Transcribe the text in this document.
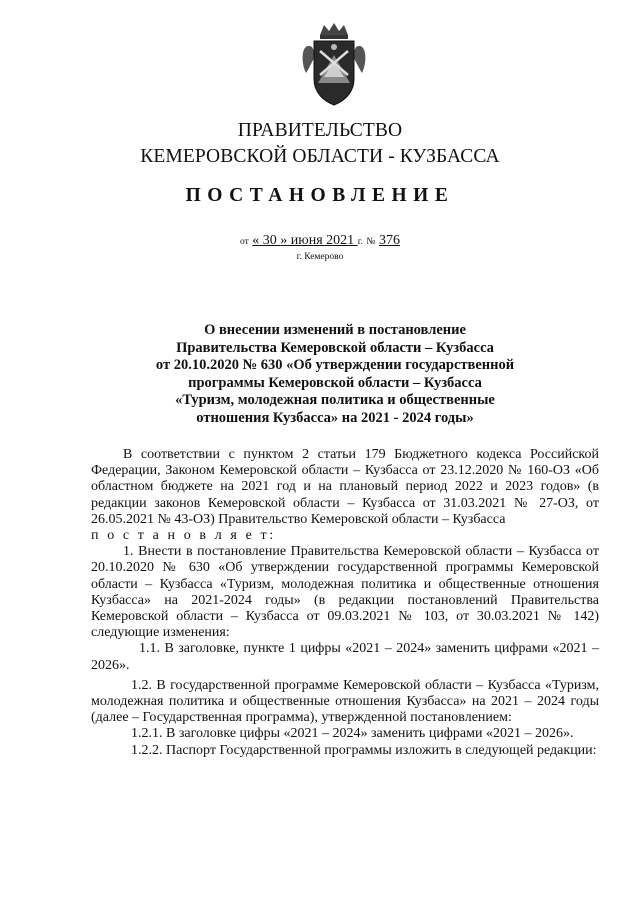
ПРАВИТЕЛЬСТВО
КЕМЕРОВСКОЙ ОБЛАСТИ - КУЗБАССА
ПОСТАНОВЛЕНИЕ
от « 30 » июня 2021 г. № 376
г. Кемерово
О внесении изменений в постановление
Правительства Кемеровской области – Кузбасса
от 20.10.2020 № 630 «Об утверждении государственной
программы Кемеровской области – Кузбасса
«Туризм, молодежная политика и общественные
отношения Кузбасса» на 2021 - 2024 годы»

В соответствии с пунктом 2 статьи 179 Бюджетного кодекса Российской Федерации, Законом Кемеровской области – Кузбасса от 23.12.2020 № 160-ОЗ «Об областном бюджете на 2021 год и на плановый период 2022 и 2023 годов» (в редакции законов Кемеровской области – Кузбасса от 31.03.2021 № 27-ОЗ, от 26.05.2021 № 43-ОЗ) Правительство Кемеровской области – Кузбасса

п о с т а н о в л я е т:

1. Внести в постановление Правительства Кемеровской области – Кузбасса от 20.10.2020 № 630 «Об утверждении государственной программы Кемеровской области – Кузбасса «Туризм, молодежная политика и общественные отношения Кузбасса» на 2021-2024 годы» (в редакции постановлений Правительства Кемеровской области – Кузбасса от 09.03.2021 № 103, от 30.03.2021 № 142) следующие изменения:

1.1. В заголовке, пункте 1 цифры «2021 – 2024» заменить цифрами «2021 – 2026».

1.2. В государственной программе Кемеровской области – Кузбасса «Туризм, молодежная политика и общественные отношения Кузбасса» на 2021 – 2024 годы (далее – Государственная программа), утвержденной постановлением:

1.2.1. В заголовке цифры «2021 – 2024» заменить цифрами «2021 – 2026».

1.2.2. Паспорт Государственной программы изложить в следующей редакции:
